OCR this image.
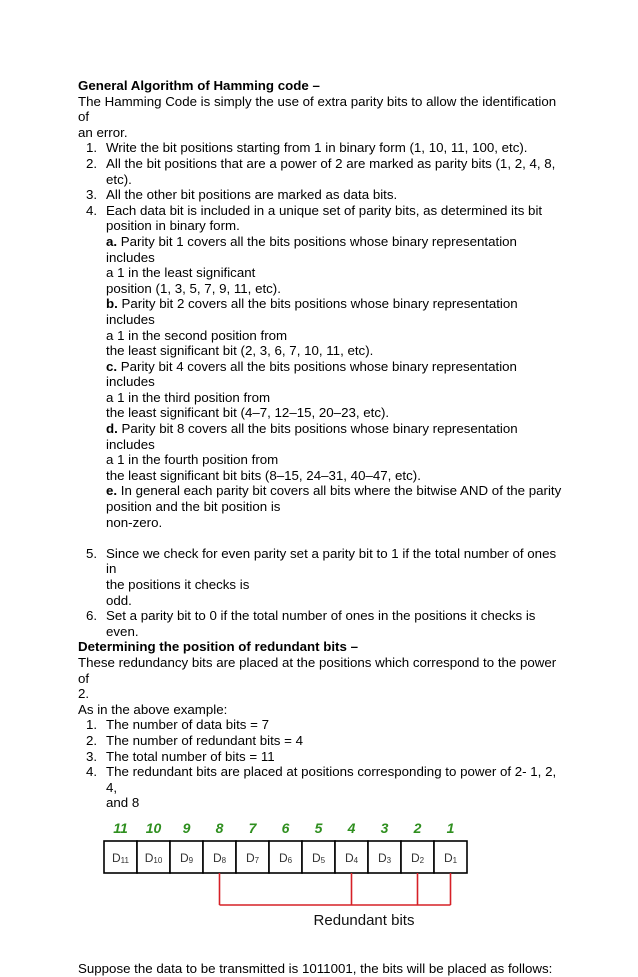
General Algorithm of Hamming code –

The Hamming Code is simply the use of extra parity bits to allow the identification of

an error.

1. Write the bit positions starting from 1 in binary form (1, 10, 11, 100, etc).
2. All the bit positions that are a power of 2 are marked as parity bits (1, 2, 4, 8,
etc).
3. All the other bit positions are marked as data bits.
4. Each data bit is included in a unique set of parity bits, as determined its bit
position in binary form.
a. Parity bit 1 covers all the bits positions whose binary representation includes
a 1 in the least significant
position (1, 3, 5, 7, 9, 11, etc).
b. Parity bit 2 covers all the bits positions whose binary representation includes
a 1 in the second position from
the least significant bit (2, 3, 6, 7, 10, 11, etc).
c. Parity bit 4 covers all the bits positions whose binary representation includes
a 1 in the third position from
the least significant bit (4–7, 12–15, 20–23, etc).
d. Parity bit 8 covers all the bits positions whose binary representation includes
a 1 in the fourth position from
the least significant bit bits (8–15, 24–31, 40–47, etc).
e. In general each parity bit covers all bits where the bitwise AND of the parity
position and the bit position is
non-zero.
5. Since we check for even parity set a parity bit to 1 if the total number of ones in
the positions it checks is
odd.
6. Set a parity bit to 0 if the total number of ones in the positions it checks is even.

Determining the position of redundant bits –

These redundancy bits are placed at the positions which correspond to the power of

2.

As in the above example:

1. The number of data bits = 7
2. The number of redundant bits = 4
3. The total number of bits = 11
4. The redundant bits are placed at positions corresponding to power of 2- 1, 2, 4,
and 8
11 10 9 8 7 6 5 4 3 2 1
D11 D10 D9 D8 D7 D6 D5 D4 D3 D2 D1
Redundant bits

Suppose the data to be transmitted is 1011001, the bits will be placed as follows:
